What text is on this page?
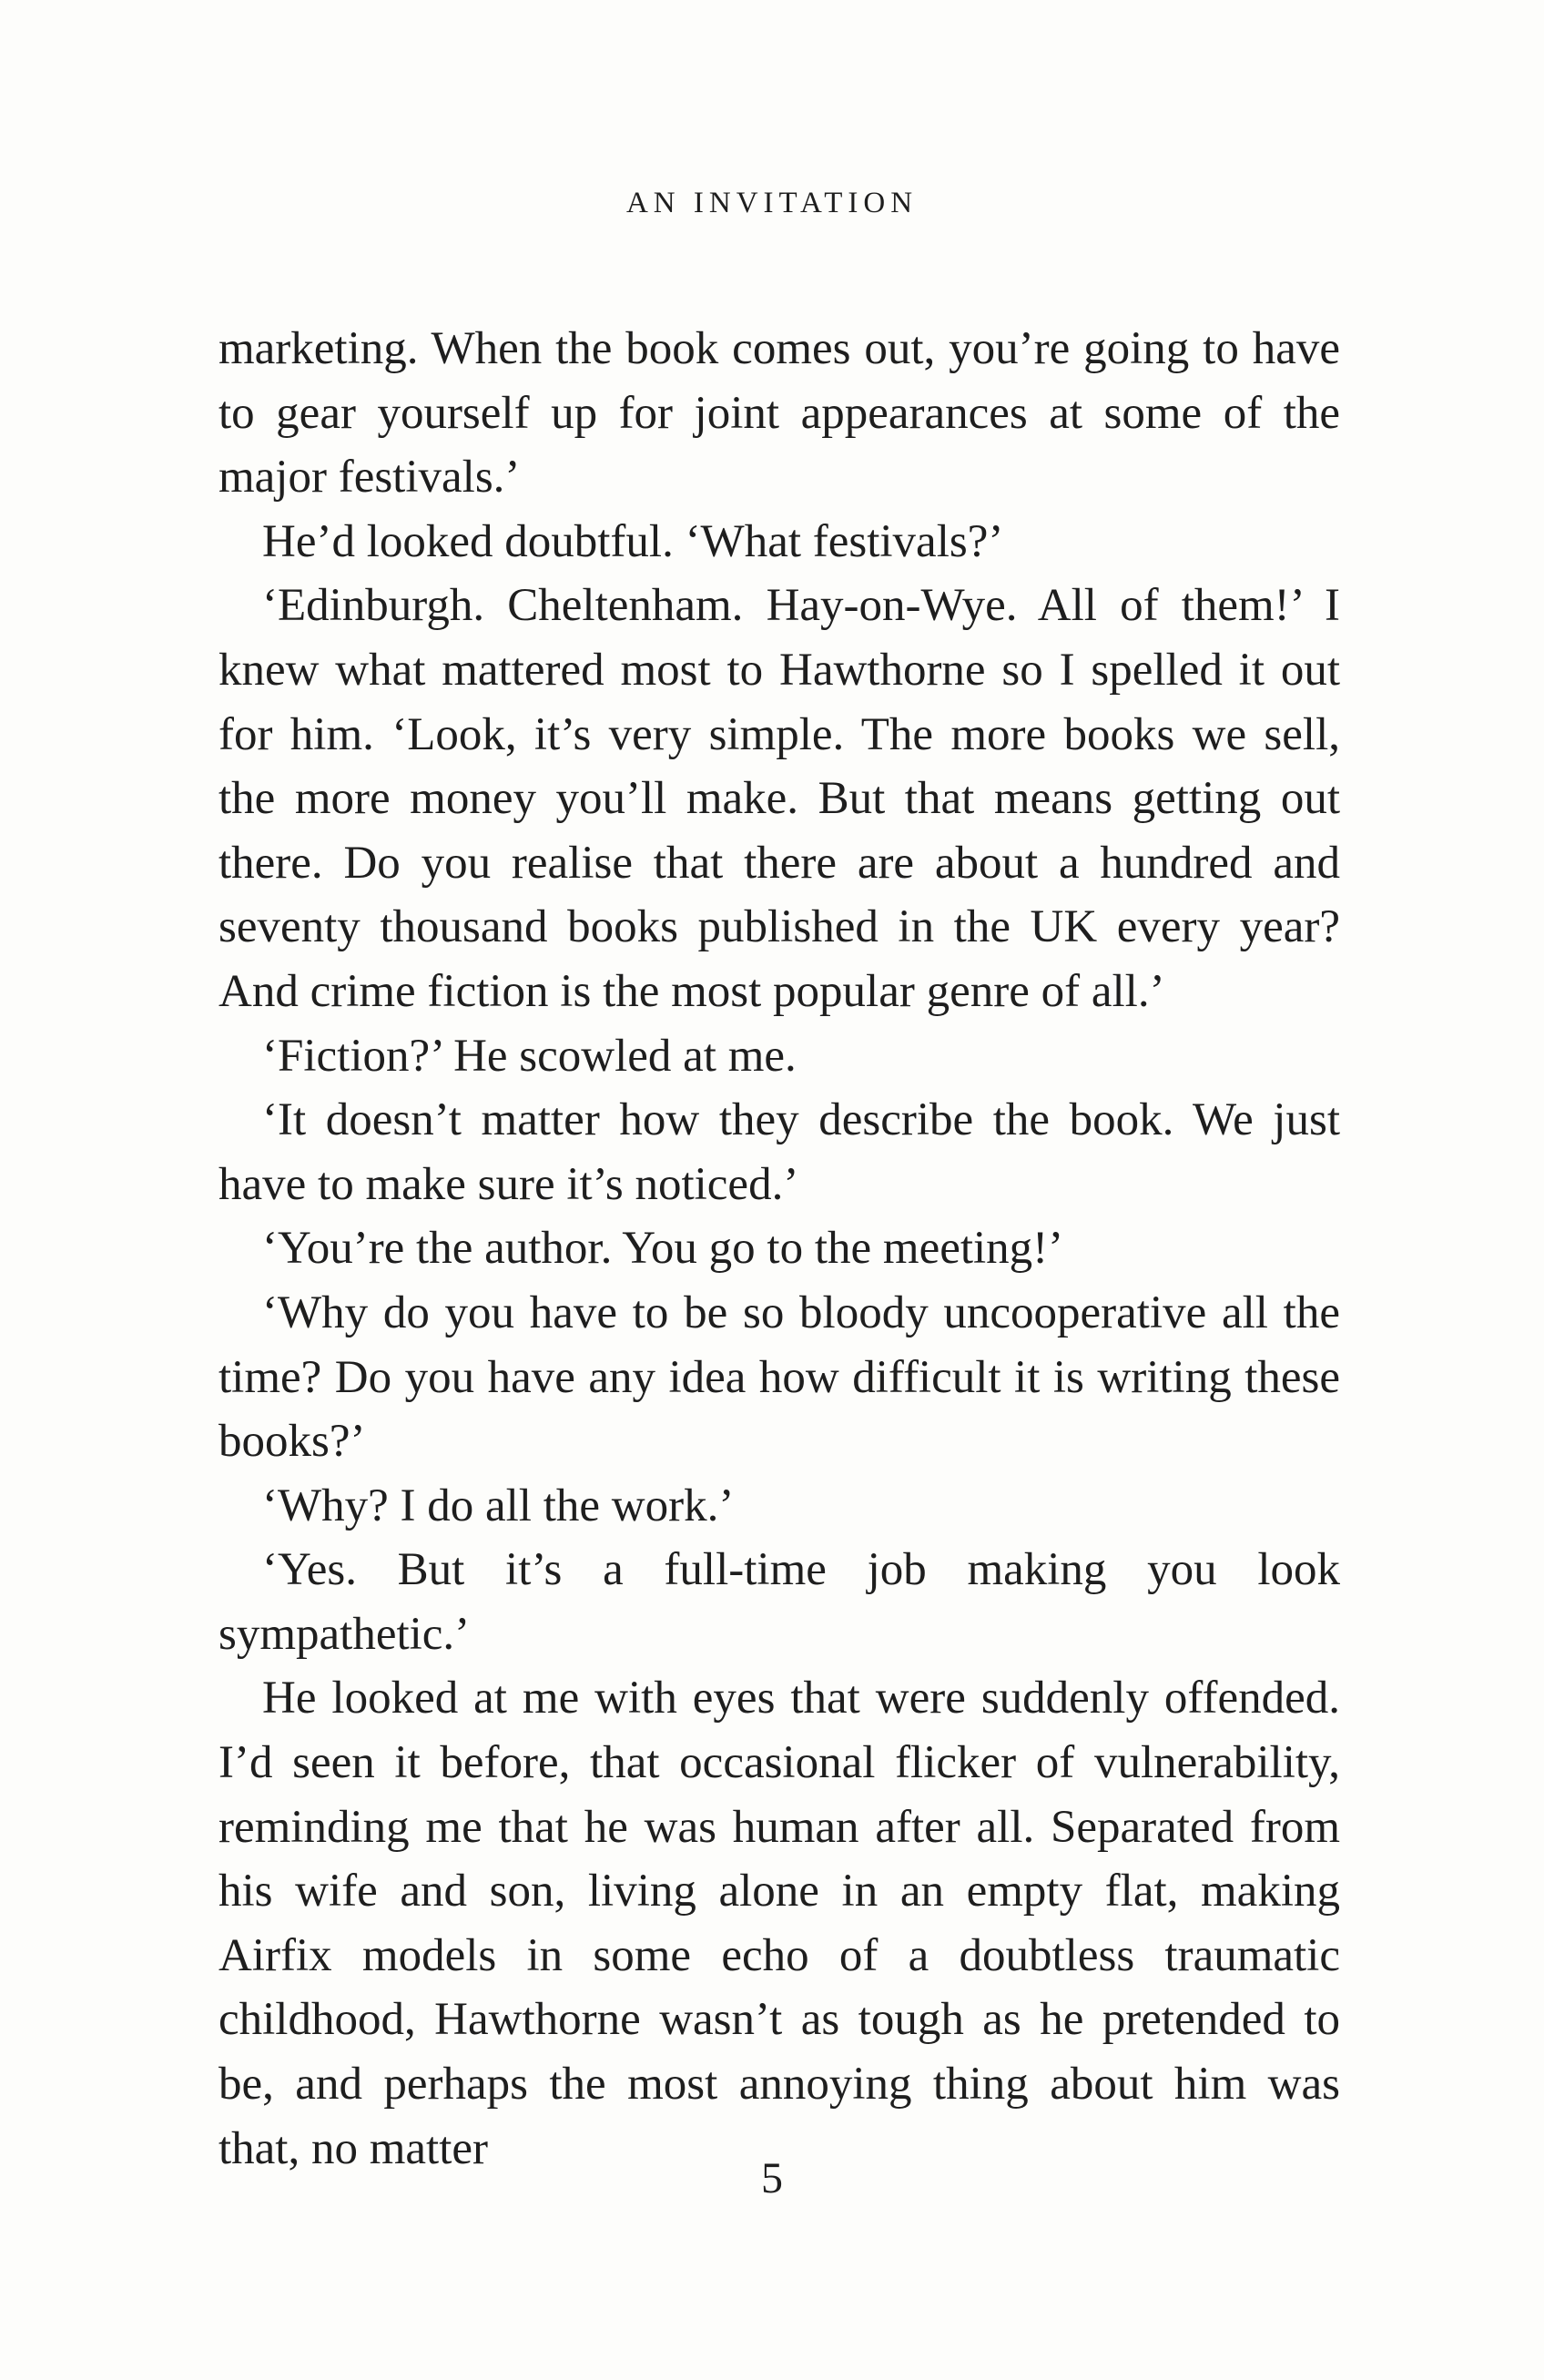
AN INVITATION

marketing. When the book comes out, you’re going to have to gear yourself up for joint appearances at some of the major festivals.’

He’d looked doubtful. ‘What festivals?’

‘Edinburgh. Cheltenham. Hay-on-Wye. All of them!’ I knew what mattered most to Hawthorne so I spelled it out for him. ‘Look, it’s very simple. The more books we sell, the more money you’ll make. But that means getting out there. Do you realise that there are about a hundred and seventy thousand books published in the UK every year? And crime fiction is the most popular genre of all.’

‘Fiction?’ He scowled at me.

‘It doesn’t matter how they describe the book. We just have to make sure it’s noticed.’

‘You’re the author. You go to the meeting!’

‘Why do you have to be so bloody uncooperative all the time? Do you have any idea how difficult it is writing these books?’

‘Why? I do all the work.’

‘Yes. But it’s a full-time job making you look sympathetic.’

He looked at me with eyes that were suddenly offended. I’d seen it before, that occasional flicker of vulnerability, reminding me that he was human after all. Separated from his wife and son, living alone in an empty flat, making Airfix models in some echo of a doubtless traumatic childhood, Hawthorne wasn’t as tough as he pretended to be, and perhaps the most annoying thing about him was that, no matter

5
